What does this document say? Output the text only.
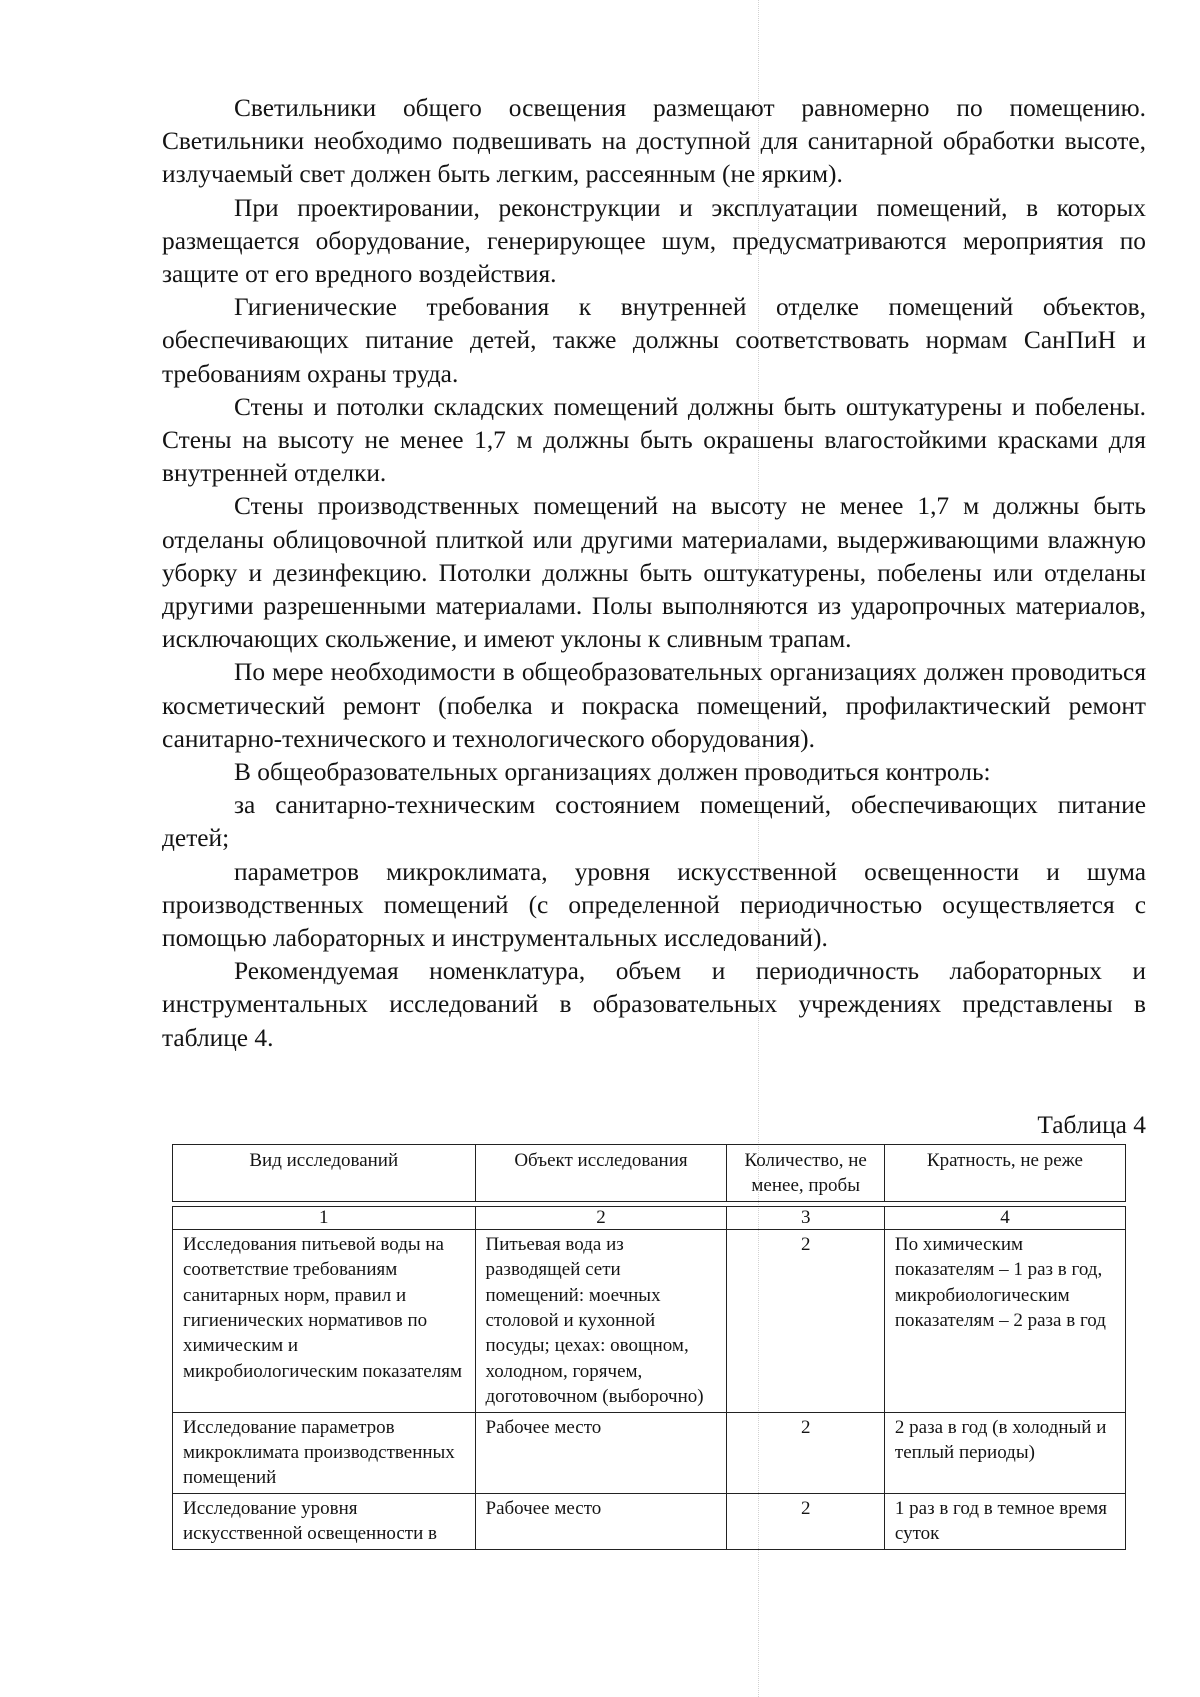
Светильники общего освещения размещают равномерно по помещению. Светильники необходимо подвешивать на доступной для санитарной обработки высоте, излучаемый свет должен быть легким, рассеянным (не ярким).

При проектировании, реконструкции и эксплуатации помещений, в которых размещается оборудование, генерирующее шум, предусматриваются мероприятия по защите от его вредного воздействия.

Гигиенические требования к внутренней отделке помещений объектов, обеспечивающих питание детей, также должны соответствовать нормам СанПиН и требованиям охраны труда.

Стены и потолки складских помещений должны быть оштукатурены и побелены. Стены на высоту не менее 1,7 м должны быть окрашены влагостойкими красками для внутренней отделки.

Стены производственных помещений на высоту не менее 1,7 м должны быть отделаны облицовочной плиткой или другими материалами, выдерживающими влажную уборку и дезинфекцию. Потолки должны быть оштукатурены, побелены или отделаны другими разрешенными материалами. Полы выполняются из ударопрочных материалов, исключающих скольжение, и имеют уклоны к сливным трапам.

По мере необходимости в общеобразовательных организациях должен проводиться косметический ремонт (побелка и покраска помещений, профилактический ремонт санитарно-технического и технологического оборудования).

В общеобразовательных организациях должен проводиться контроль:

за санитарно-техническим состоянием помещений, обеспечивающих питание детей;

параметров микроклимата, уровня искусственной освещенности и шума производственных помещений (с определенной периодичностью осуществляется с помощью лабораторных и инструментальных исследований).

Рекомендуемая номенклатура, объем и периодичность лабораторных и инструментальных исследований в образовательных учреждениях представлены в таблице 4.

Таблица 4
Вид исследований	Объект исследования	Количество, не менее, пробы	Кратность, не реже

1	2	3	4
Исследования питьевой воды на соответствие требованиям санитарных норм, правил и гигиенических нормативов по химическим и микробиологическим показателям	Питьевая вода из разводящей сети помещений: моечных столовой и кухонной посуды; цехах: овощном, холодном, горячем, доготовочном (выборочно)	2	По химическим показателям – 1 раз в год, микробиологическим показателям – 2 раза в год
Исследование параметров микроклимата производственных помещений	Рабочее место	2	2 раза в год (в холодный и теплый периоды)
Исследование уровня искусственной освещенности в	Рабочее место	2	1 раз в год в темное время суток
